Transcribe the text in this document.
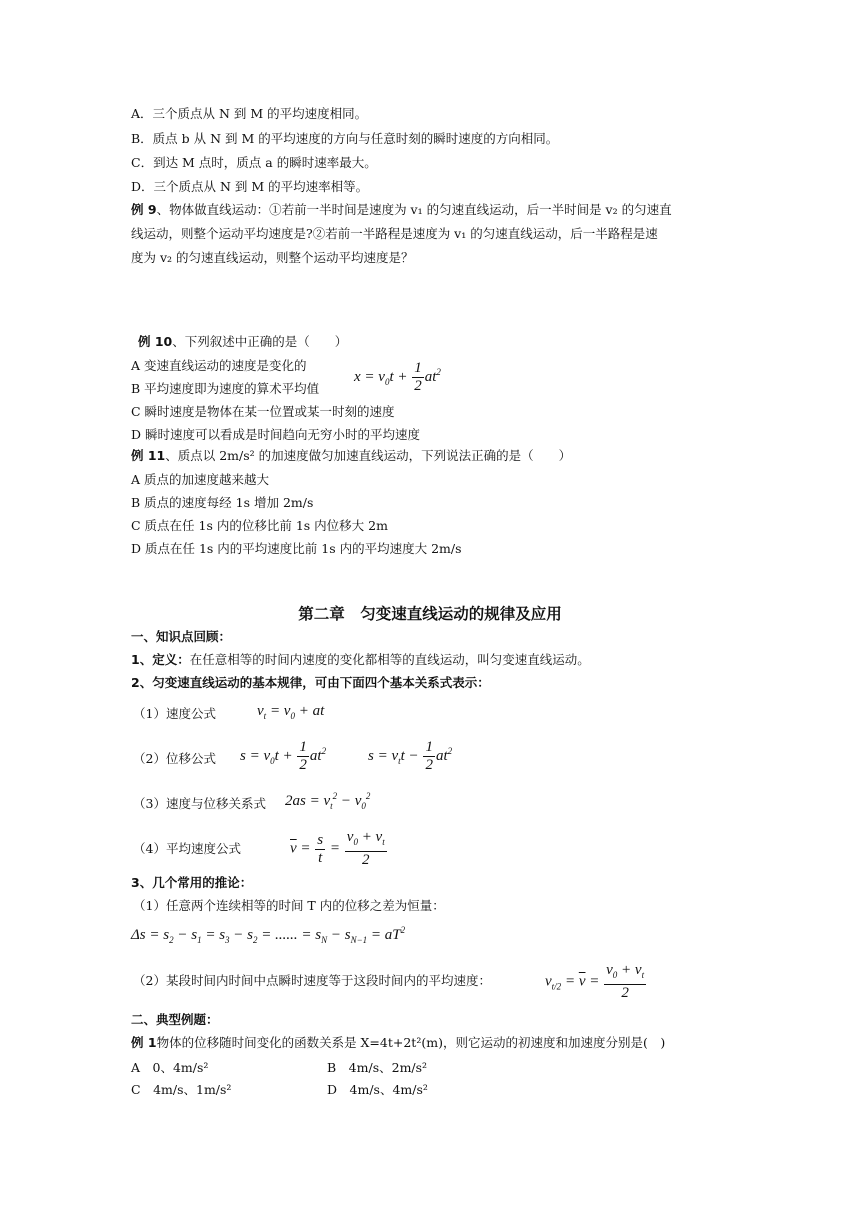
A．三个质点从 N 到 M 的平均速度相同。
B．质点 b 从 N 到 M 的平均速度的方向与任意时刻的瞬时速度的方向相同。
C．到达 M 点时，质点 a 的瞬时速率最大。
D．三个质点从 N 到 M 的平均速率相等。
例 9、物体做直线运动：①若前一半时间是速度为 v₁ 的匀速直线运动，后一半时间是 v₂ 的匀速直
线运动，则整个运动平均速度是?②若前一半路程是速度为 v₁ 的匀速直线运动，后一半路程是速
度为 v₂ 的匀速直线运动，则整个运动平均速度是？
例 10、下列叙述中正确的是（　　）
A 变速直线运动的速度是变化的
B 平均速度即为速度的算术平均值
$x = v_0t + \frac{1}{2} at^2$
C 瞬时速度是物体在某一位置或某一时刻的速度
D 瞬时速度可以看成是时间趋向无穷小时的平均速度
例 11、质点以 2m/s² 的加速度做匀加速直线运动，下列说法正确的是（　　）
A 质点的加速度越来越大
B 质点的速度每经 1s 增加 2m/s
C 质点在任 1s 内的位移比前 1s 内位移大 2m
D 质点在任 1s 内的平均速度比前 1s 内的平均速度大 2m/s
第二章　匀变速直线运动的规律及应用
一、知识点回顾：
1、定义：在任意相等的时间内速度的变化都相等的直线运动，叫匀变速直线运动。
2、匀变速直线运动的基本规律，可由下面四个基本关系式表示：
（1）速度公式	$v_t = v_0$ + at
（2）位移公式 $s = v_0t + \frac{1}{2} at^2$	$s = v_tt - \frac{1}{2} at^2$
（3）速度与位移关系式 $2as = v_t^2 - v_0^2$
（4）平均速度公式	$\overline{v} = \frac{s}{t} = \frac{v_0 + v_t}{2}$
3、几个常用的推论：
（1）任意两个连续相等的时间 T 内的位移之差为恒量：
$\Delta s = s_2 - s_1 = s_3 - s_2$ = ...... = $s_N - s_{N-1} = aT^2$
（2）某段时间内时间中点瞬时速度等于这段时间内的平均速度：	$v_{t/2} = \overline{v} = \frac{v_0 + v_t}{2}$
二、典型例题：
例 1物体的位移随时间变化的函数关系是 X=4t+2t²(m)，则它运动的初速度和加速度分别是(　)
A　0、4m/s²	B　4m/s、2m/s²
C　4m/s、1m/s²	D　4m/s、4m/s²
